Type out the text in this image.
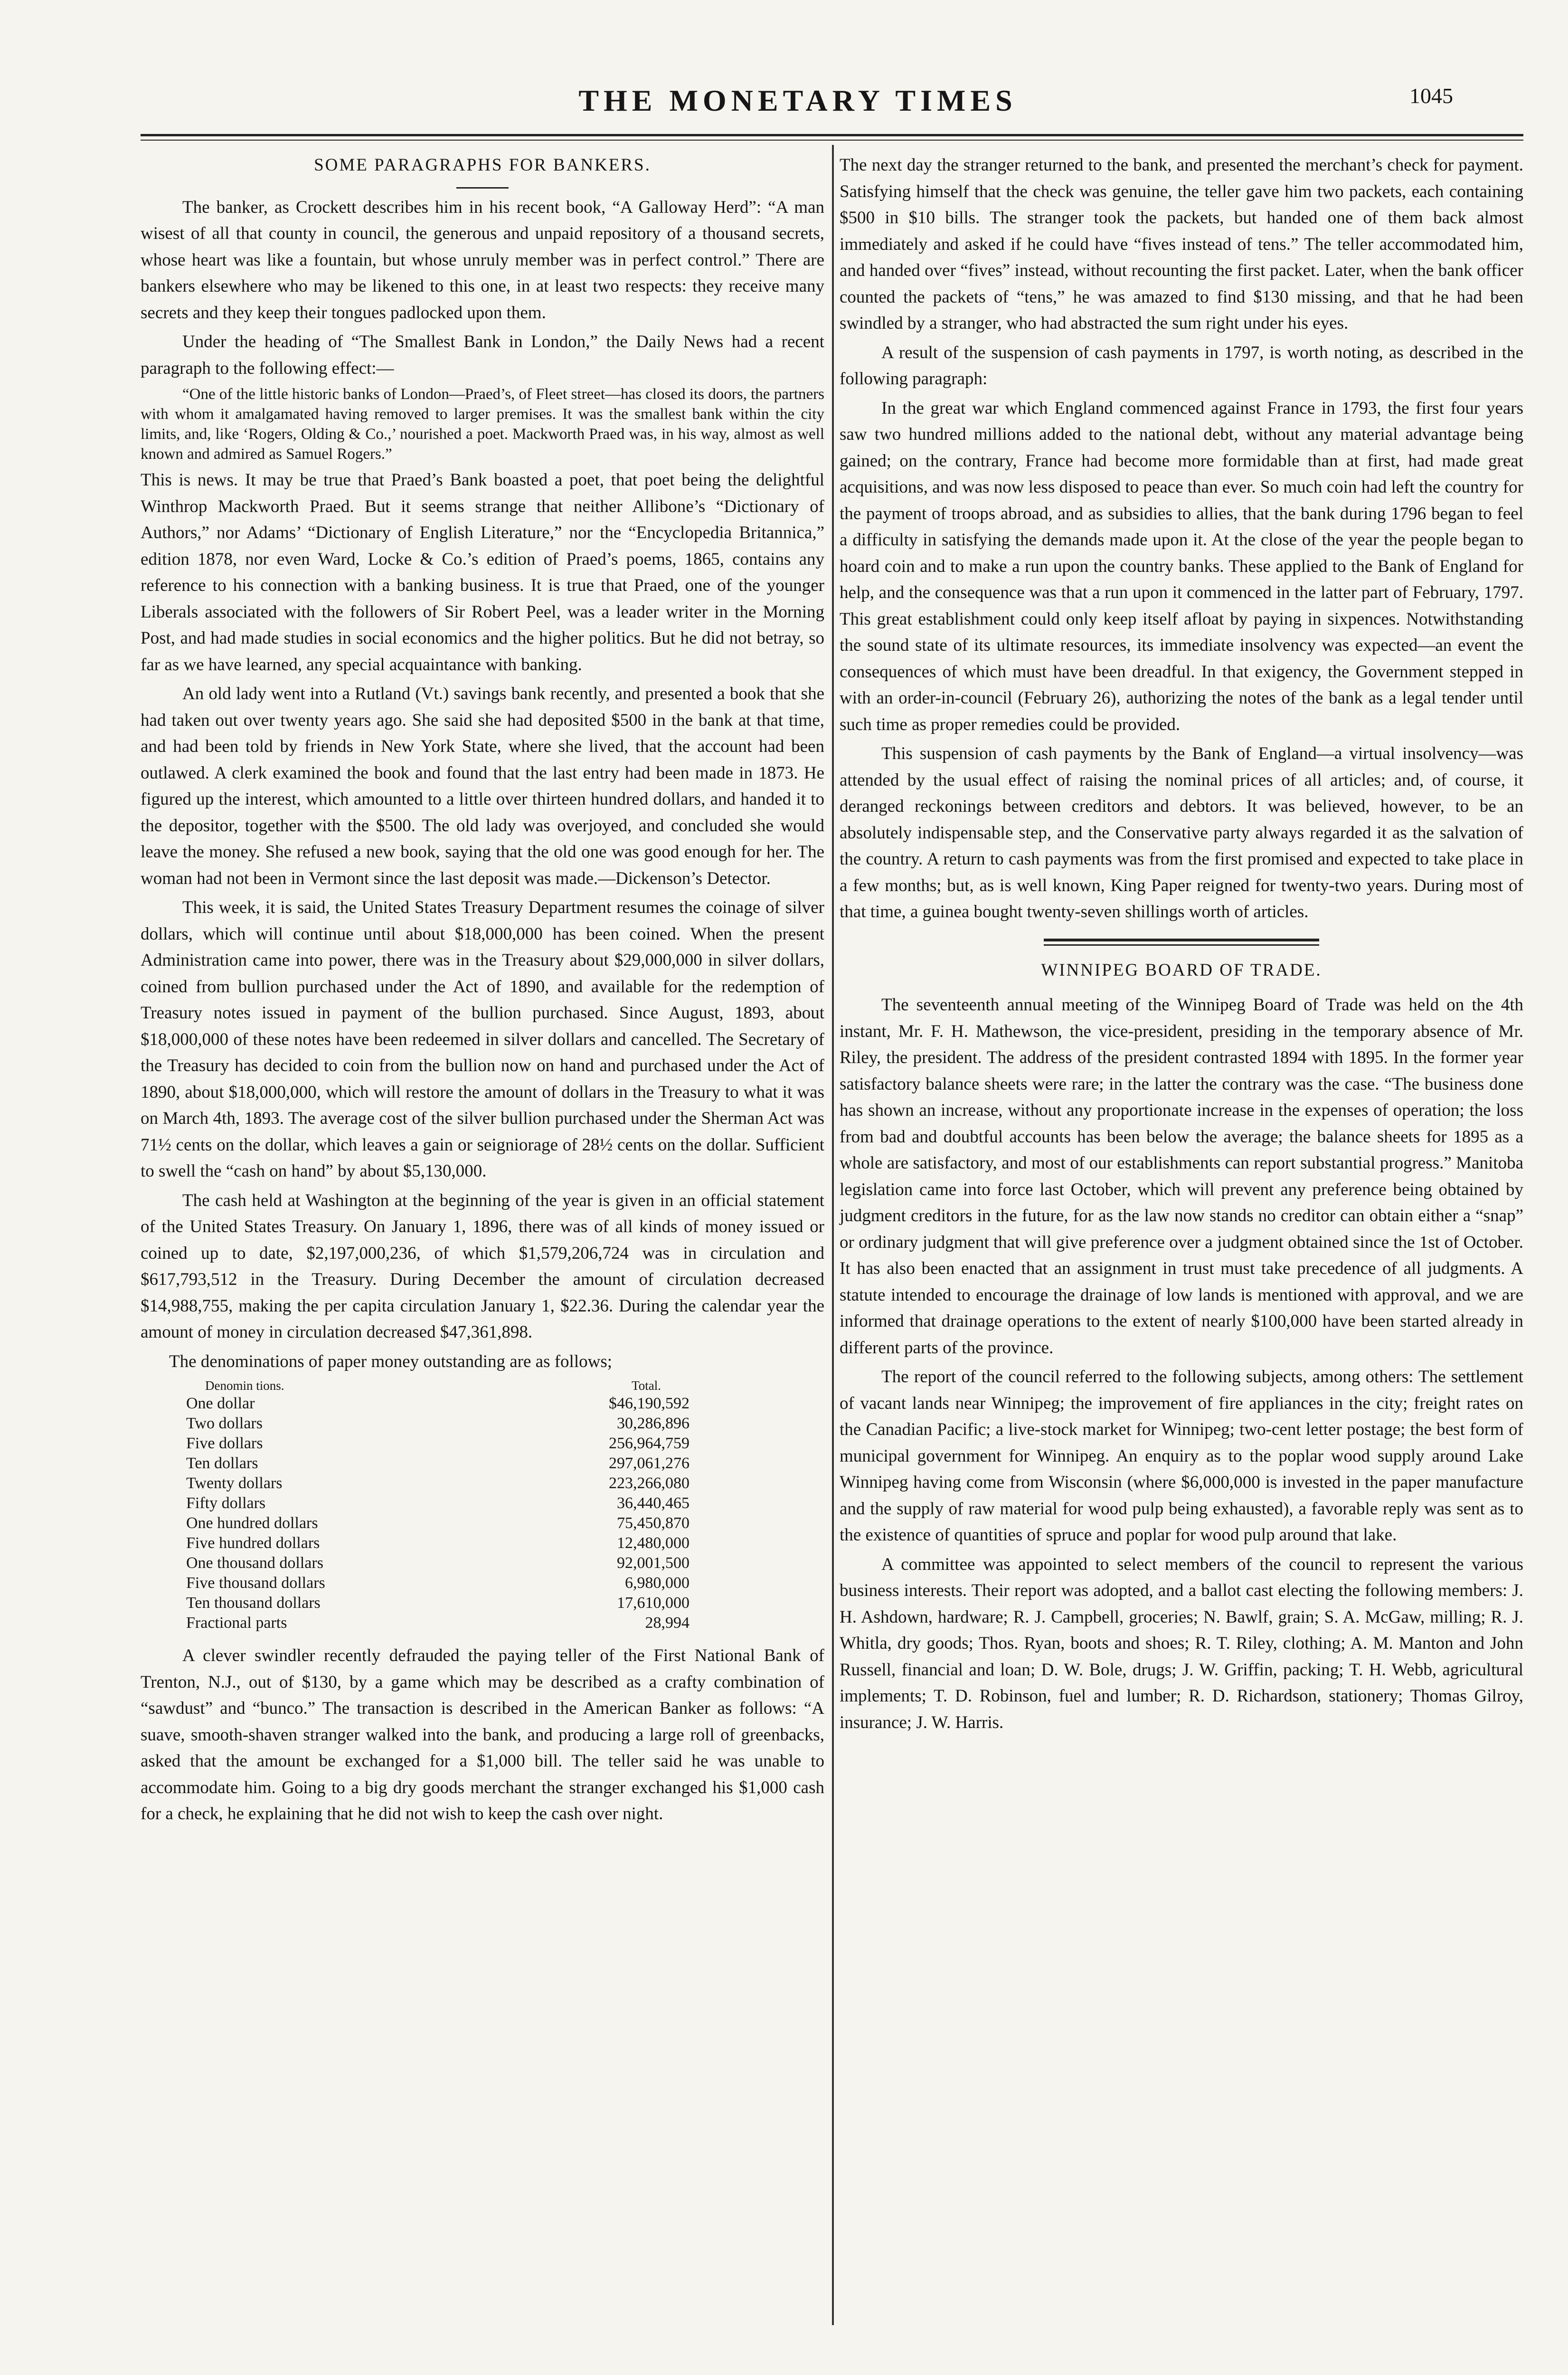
THE MONETARY TIMES	1045
SOME PARAGRAPHS FOR BANKERS.

The banker, as Crockett describes him in his recent book, “A Galloway Herd”: “A man wisest of all that county in council, the generous and unpaid repository of a thousand secrets, whose heart was like a fountain, but whose unruly member was in perfect control.” There are bankers elsewhere who may be likened to this one, in at least two respects: they receive many secrets and they keep their tongues padlocked upon them.

Under the heading of “The Smallest Bank in London,” the Daily News had a recent paragraph to the following effect:—

“One of the little historic banks of London—Praed’s, of Fleet street—has closed its doors, the partners with whom it amalgamated having removed to larger premises. It was the smallest bank within the city limits, and, like ‘Rogers, Olding & Co.,’ nourished a poet. Mackworth Praed was, in his way, almost as well known and admired as Samuel Rogers.”

This is news. It may be true that Praed’s Bank boasted a poet, that poet being the delightful Winthrop Mackworth Praed. But it seems strange that neither Allibone’s “Dictionary of Authors,” nor Adams’ “Dictionary of English Literature,” nor the “Encyclopedia Britannica,” edition 1878, nor even Ward, Locke & Co.’s edition of Praed’s poems, 1865, contains any reference to his connection with a banking business. It is true that Praed, one of the younger Liberals associated with the followers of Sir Robert Peel, was a leader writer in the Morning Post, and had made studies in social economics and the higher politics. But he did not betray, so far as we have learned, any special acquaintance with banking.

An old lady went into a Rutland (Vt.) savings bank recently, and presented a book that she had taken out over twenty years ago. She said she had deposited $500 in the bank at that time, and had been told by friends in New York State, where she lived, that the account had been outlawed. A clerk examined the book and found that the last entry had been made in 1873. He figured up the interest, which amounted to a little over thirteen hundred dollars, and handed it to the depositor, together with the $500. The old lady was overjoyed, and concluded she would leave the money. She refused a new book, saying that the old one was good enough for her. The woman had not been in Vermont since the last deposit was made.—Dickenson’s Detector.

This week, it is said, the United States Treasury Department resumes the coinage of silver dollars, which will continue until about $18,000,000 has been coined. When the present Administration came into power, there was in the Treasury about $29,000,000 in silver dollars, coined from bullion purchased under the Act of 1890, and available for the redemption of Treasury notes issued in payment of the bullion purchased. Since August, 1893, about $18,000,000 of these notes have been redeemed in silver dollars and cancelled. The Secretary of the Treasury has decided to coin from the bullion now on hand and purchased under the Act of 1890, about $18,000,000, which will restore the amount of dollars in the Treasury to what it was on March 4th, 1893. The average cost of the silver bullion purchased under the Sherman Act was 71½ cents on the dollar, which leaves a gain or seigniorage of 28½ cents on the dollar. Sufficient to swell the “cash on hand” by about $5,130,000.

The cash held at Washington at the beginning of the year is given in an official statement of the United States Treasury. On January 1, 1896, there was of all kinds of money issued or coined up to date, $2,197,000,236, of which $1,579,206,724 was in circulation and $617,793,512 in the Treasury. During December the amount of circulation decreased $14,988,755, making the per capita circulation January 1, $22.36. During the calendar year the amount of money in circulation decreased $47,361,898.

The denominations of paper money outstanding are as follows;

Denomin tions.	Total.
One dollar	$46,190,592
Two dollars	30,286,896
Five dollars	256,964,759
Ten dollars	297,061,276
Twenty dollars	223,266,080
Fifty dollars	36,440,465
One hundred dollars	75,450,870
Five hundred dollars	12,480,000
One thousand dollars	92,001,500
Five thousand dollars	6,980,000
Ten thousand dollars	17,610,000
Fractional parts	28,994

A clever swindler recently defrauded the paying teller of the First National Bank of Trenton, N.J., out of $130, by a game which may be described as a crafty combination of “sawdust” and “bunco.” The transaction is described in the American Banker as follows: “A suave, smooth-shaven stranger walked into the bank, and producing a large roll of greenbacks, asked that the amount be exchanged for a $1,000 bill. The teller said he was unable to accommodate him. Going to a big dry goods merchant the stranger exchanged his $1,000 cash for a check, he explaining that he did not wish to keep the cash over night.

The next day the stranger returned to the bank, and presented the merchant’s check for payment. Satisfying himself that the check was genuine, the teller gave him two packets, each containing $500 in $10 bills. The stranger took the packets, but handed one of them back almost immediately and asked if he could have “fives instead of tens.” The teller accommodated him, and handed over “fives” instead, without recounting the first packet. Later, when the bank officer counted the packets of “tens,” he was amazed to find $130 missing, and that he had been swindled by a stranger, who had abstracted the sum right under his eyes.

A result of the suspension of cash payments in 1797, is worth noting, as described in the following paragraph:

In the great war which England commenced against France in 1793, the first four years saw two hundred millions added to the national debt, without any material advantage being gained; on the contrary, France had become more formidable than at first, had made great acquisitions, and was now less disposed to peace than ever. So much coin had left the country for the payment of troops abroad, and as subsidies to allies, that the bank during 1796 began to feel a difficulty in satisfying the demands made upon it. At the close of the year the people began to hoard coin and to make a run upon the country banks. These applied to the Bank of England for help, and the consequence was that a run upon it commenced in the latter part of February, 1797. This great establishment could only keep itself afloat by paying in sixpences. Notwithstanding the sound state of its ultimate resources, its immediate insolvency was expected—an event the consequences of which must have been dreadful. In that exigency, the Government stepped in with an order-in-council (February 26), authorizing the notes of the bank as a legal tender until such time as proper remedies could be provided.

This suspension of cash payments by the Bank of England—a virtual insolvency—was attended by the usual effect of raising the nominal prices of all articles; and, of course, it deranged reckonings between creditors and debtors. It was believed, however, to be an absolutely indispensable step, and the Conservative party always regarded it as the salvation of the country. A return to cash payments was from the first promised and expected to take place in a few months; but, as is well known, King Paper reigned for twenty-two years. During most of that time, a guinea bought twenty-seven shillings worth of articles.

WINNIPEG BOARD OF TRADE.

The seventeenth annual meeting of the Winnipeg Board of Trade was held on the 4th instant, Mr. F. H. Mathewson, the vice-president, presiding in the temporary absence of Mr. Riley, the president. The address of the president contrasted 1894 with 1895. In the former year satisfactory balance sheets were rare; in the latter the contrary was the case. “The business done has shown an increase, without any proportionate increase in the expenses of operation; the loss from bad and doubtful accounts has been below the average; the balance sheets for 1895 as a whole are satisfactory, and most of our establishments can report substantial progress.” Manitoba legislation came into force last October, which will prevent any preference being obtained by judgment creditors in the future, for as the law now stands no creditor can obtain either a “snap” or ordinary judgment that will give preference over a judgment obtained since the 1st of October. It has also been enacted that an assignment in trust must take precedence of all judgments. A statute intended to encourage the drainage of low lands is mentioned with approval, and we are informed that drainage operations to the extent of nearly $100,000 have been started already in different parts of the province.

The report of the council referred to the following subjects, among others: The settlement of vacant lands near Winnipeg; the improvement of fire appliances in the city; freight rates on the Canadian Pacific; a live-stock market for Winnipeg; two-cent letter postage; the best form of municipal government for Winnipeg. An enquiry as to the poplar wood supply around Lake Winnipeg having come from Wisconsin (where $6,000,000 is invested in the paper manufacture and the supply of raw material for wood pulp being exhausted), a favorable reply was sent as to the existence of quantities of spruce and poplar for wood pulp around that lake.

A committee was appointed to select members of the council to represent the various business interests. Their report was adopted, and a ballot cast electing the following members: J. H. Ashdown, hardware; R. J. Campbell, groceries; N. Bawlf, grain; S. A. McGaw, milling; R. J. Whitla, dry goods; Thos. Ryan, boots and shoes; R. T. Riley, clothing; A. M. Manton and John Russell, financial and loan; D. W. Bole, drugs; J. W. Griffin, packing; T. H. Webb, agricultural implements; T. D. Robinson, fuel and lumber; R. D. Richardson, stationery; Thomas Gilroy, insurance; J. W. Harris.
